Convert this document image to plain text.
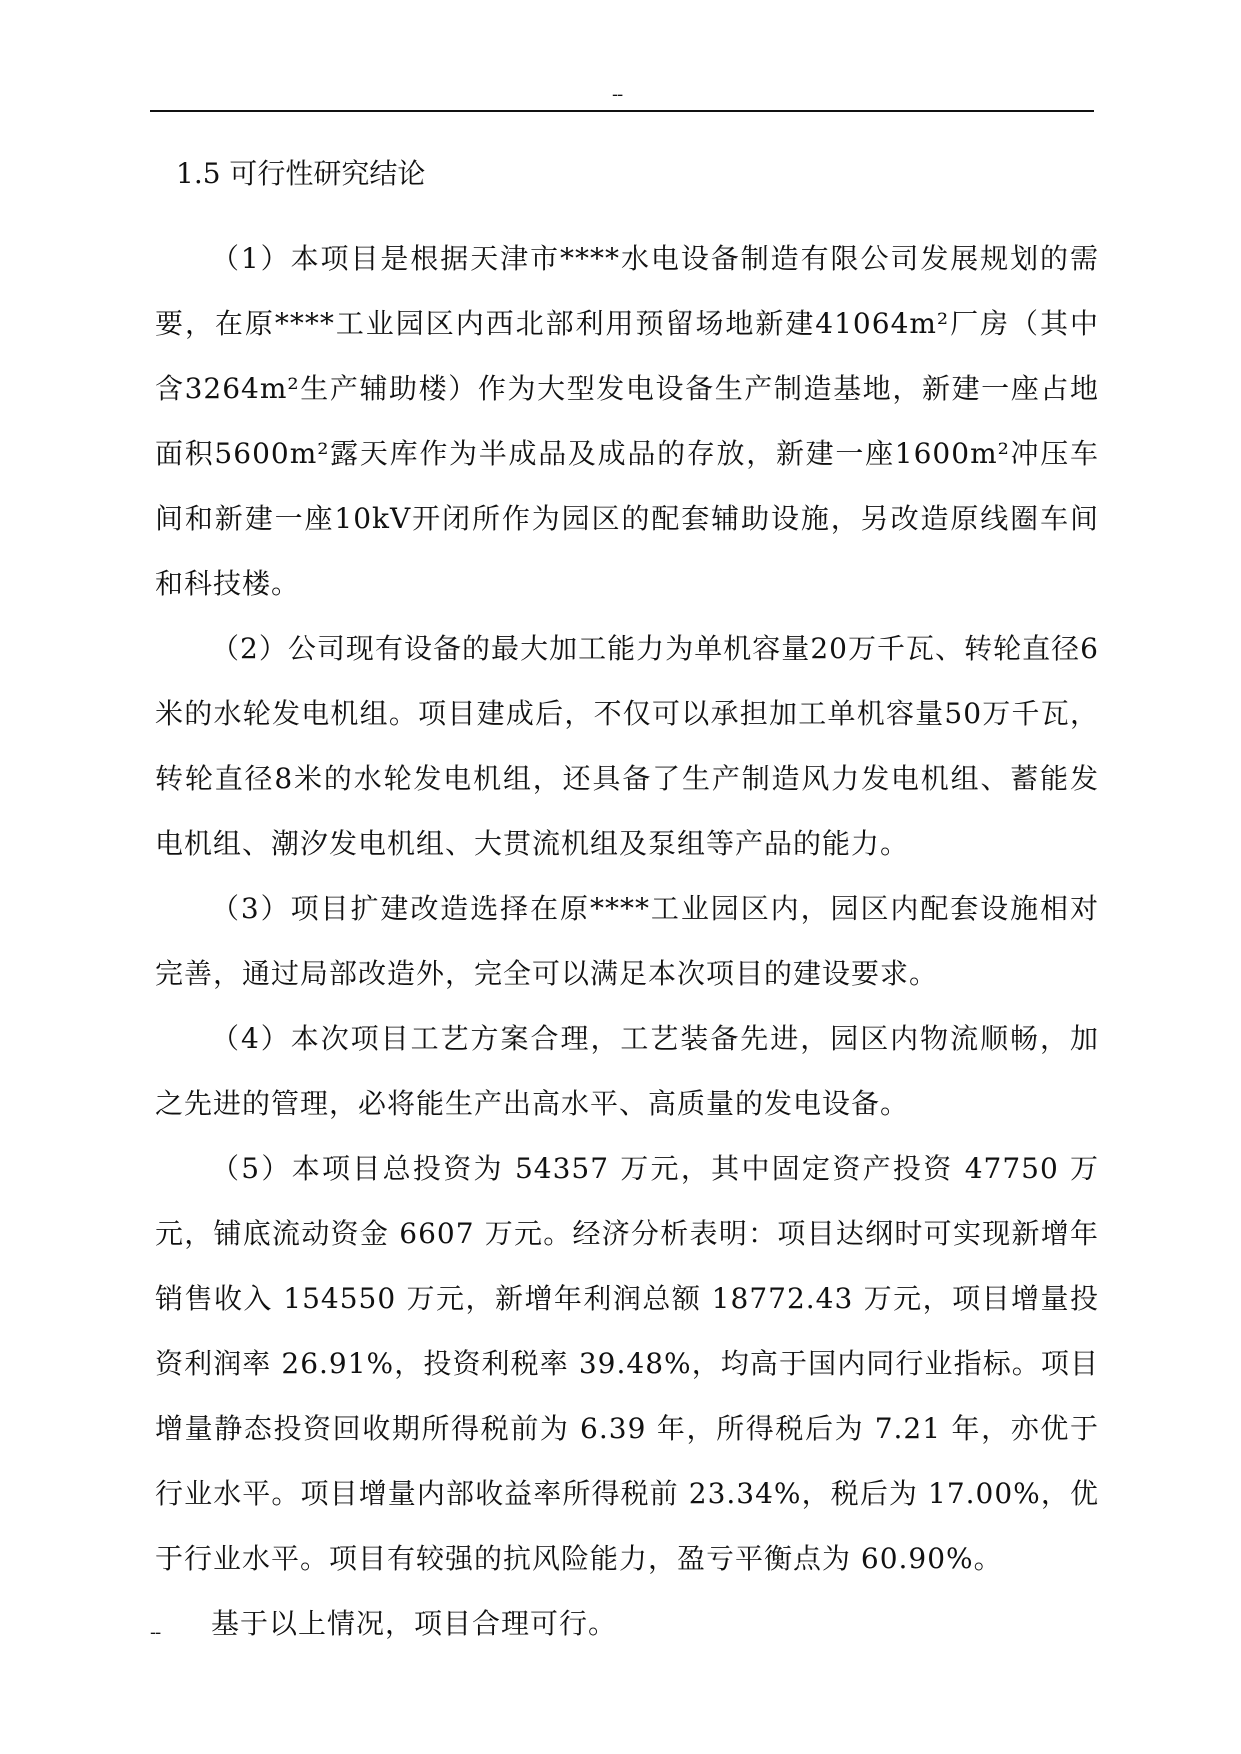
--
1.5 可行性研究结论

（1）本项目是根据天津市****水电设备制造有限公司发展规划的需要，在原****工业园区内西北部利用预留场地新建41064m²厂房（其中含3264m²生产辅助楼）作为大型发电设备生产制造基地，新建一座占地面积5600m²露天库作为半成品及成品的存放，新建一座1600m²冲压车间和新建一座10kV开闭所作为园区的配套辅助设施，另改造原线圈车间和科技楼。

（2）公司现有设备的最大加工能力为单机容量20万千瓦、转轮直径6米的水轮发电机组。项目建成后，不仅可以承担加工单机容量50万千瓦，转轮直径8米的水轮发电机组，还具备了生产制造风力发电机组、蓄能发电机组、潮汐发电机组、大贯流机组及泵组等产品的能力。

（3）项目扩建改造选择在原****工业园区内，园区内配套设施相对完善，通过局部改造外，完全可以满足本次项目的建设要求。

（4）本次项目工艺方案合理，工艺装备先进，园区内物流顺畅，加之先进的管理，必将能生产出高水平、高质量的发电设备。

（5）本项目总投资为 54357 万元，其中固定资产投资 47750 万元，铺底流动资金 6607 万元。经济分析表明：项目达纲时可实现新增年销售收入 154550 万元，新增年利润总额 18772.43 万元，项目增量投资利润率 26.91%，投资利税率 39.48%，均高于国内同行业指标。项目增量静态投资回收期所得税前为 6.39 年，所得税后为 7.21 年，亦优于行业水平。项目增量内部收益率所得税前 23.34%，税后为 17.00%，优于行业水平。项目有较强的抗风险能力，盈亏平衡点为 60.90%。

基于以上情况，项目合理可行。

--
